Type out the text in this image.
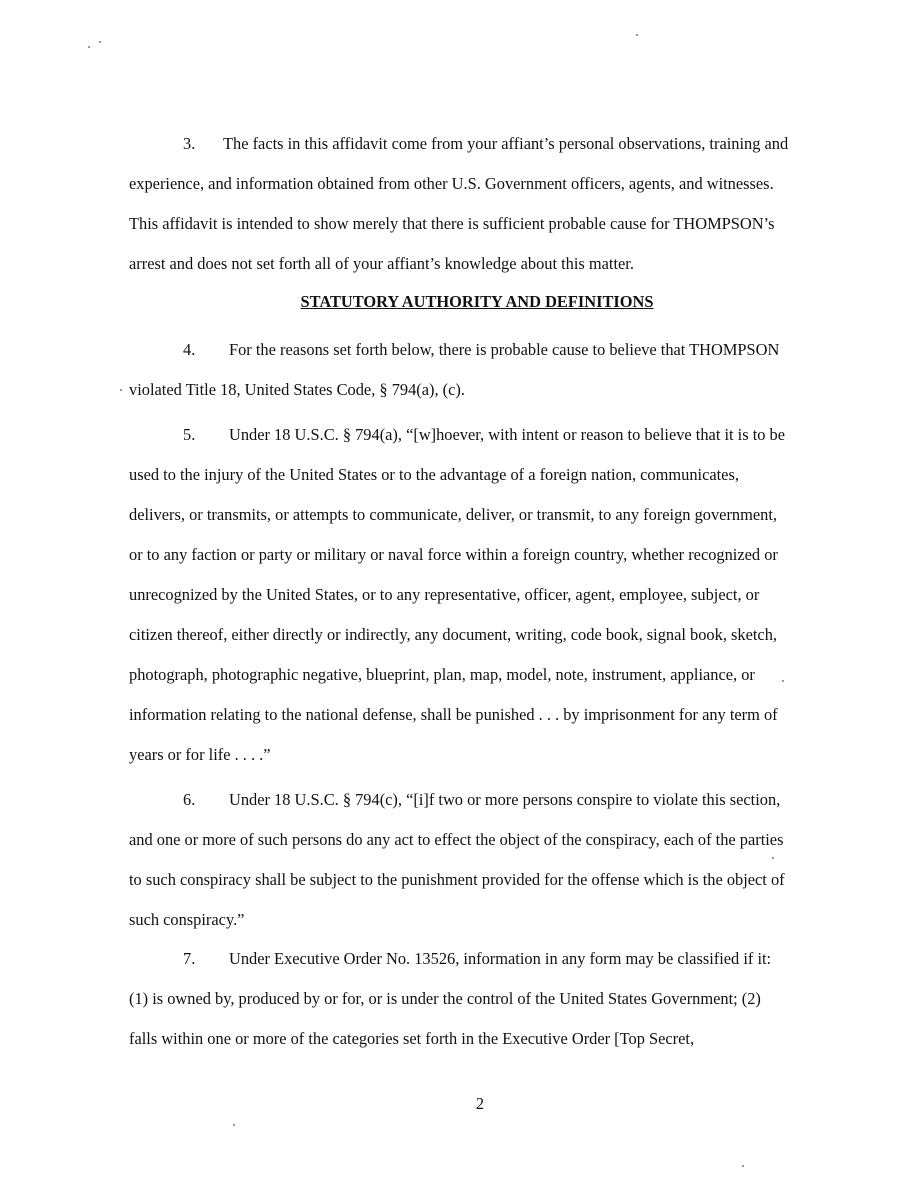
3. The facts in this affidavit come from your affiant’s personal observations, training and experience, and information obtained from other U.S. Government officers, agents, and witnesses. This affidavit is intended to show merely that there is sufficient probable cause for THOMPSON’s arrest and does not set forth all of your affiant’s knowledge about this matter.

STATUTORY AUTHORITY AND DEFINITIONS

4. For the reasons set forth below, there is probable cause to believe that THOMPSON violated Title 18, United States Code, § 794(a), (c).

5. Under 18 U.S.C. § 794(a), “[w]hoever, with intent or reason to believe that it is to be used to the injury of the United States or to the advantage of a foreign nation, communicates, delivers, or transmits, or attempts to communicate, deliver, or transmit, to any foreign government, or to any faction or party or military or naval force within a foreign country, whether recognized or unrecognized by the United States, or to any representative, officer, agent, employee, subject, or citizen thereof, either directly or indirectly, any document, writing, code book, signal book, sketch, photograph, photographic negative, blueprint, plan, map, model, note, instrument, appliance, or information relating to the national defense, shall be punished . . . by imprisonment for any term of years or for life . . . .”

6. Under 18 U.S.C. § 794(c), “[i]f two or more persons conspire to violate this section, and one or more of such persons do any act to effect the object of the conspiracy, each of the parties to such conspiracy shall be subject to the punishment provided for the offense which is the object of such conspiracy.”

7. Under Executive Order No. 13526, information in any form may be classified if it: (1) is owned by, produced by or for, or is under the control of the United States Government; (2) falls within one or more of the categories set forth in the Executive Order [Top Secret,

2
